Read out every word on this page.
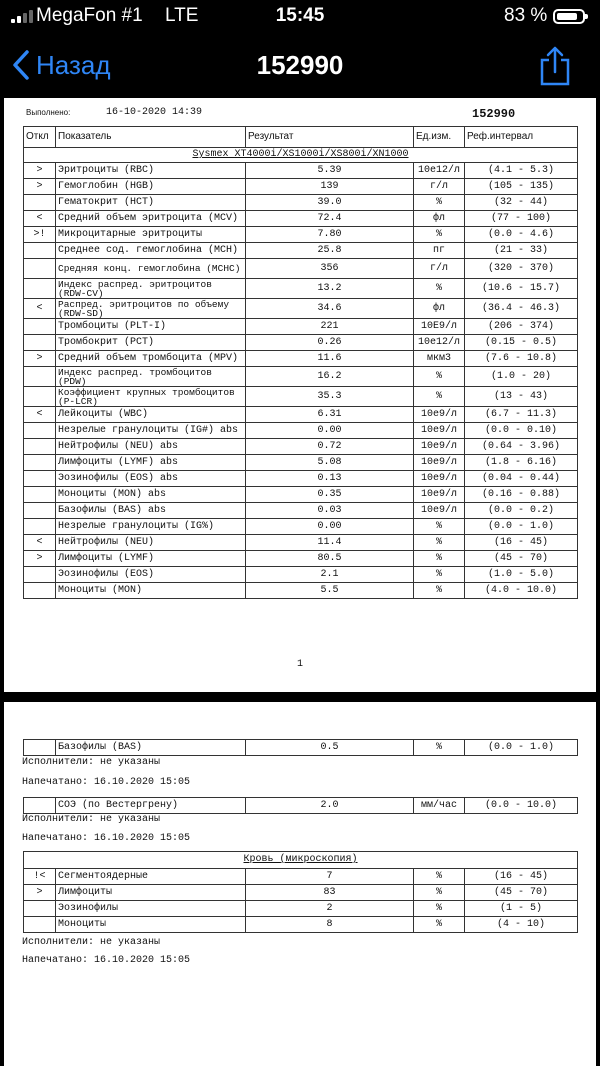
MegaFon #1 LTE	15:45	83 %
Назад	152990
Выполнено:	16-10-2020 14:39	152990
Откл	Показатель	Результат	Ед.изм.	Реф.интервал
Sysmex XT4000i/XS1000i/XS800i/XN1000				
>	Эритроциты (RBC)	5.39	10e12/л	(4.1 - 5.3)
>	Гемоглобин (HGB)	139	г/л	(105 - 135)
	Гематокрит (HCT)	39.0	%	(32 - 44)
<	Средний объем эритроцита (MCV)	72.4	фл	(77 - 100)
>!	Микроцитарные эритроциты	7.80	%	(0.0 - 4.6)
	Среднее сод. гемоглобина (MCH)	25.8	пг	(21 - 33)
	Средняя конц. гемоглобина (MCHC)	356	г/л	(320 - 370)
	Индекс распред. эритроцитов (RDW-CV)	13.2	%	(10.6 - 15.7)
<	Распред. эритроцитов по объему (RDW-SD)	34.6	фл	(36.4 - 46.3)
	Тромбоциты (PLT-I)	221	10E9/л	(206 - 374)
	Тромбокрит (PCT)	0.26	10e12/л	(0.15 - 0.5)
>	Средний объем тромбоцита (MPV)	11.6	мкм3	(7.6 - 10.8)
	Индекс распред. тромбоцитов (PDW)	16.2	%	(1.0 - 20)
	Коэффициент крупных тромбоцитов (P-LCR)	35.3	%	(13 - 43)
<	Лейкоциты (WBC)	6.31	10e9/л	(6.7 - 11.3)
	Незрелые гранулоциты (IG#) abs	0.00	10e9/л	(0.0 - 0.10)
	Нейтрофилы (NEU) abs	0.72	10e9/л	(0.64 - 3.96)
	Лимфоциты (LYMF) abs	5.08	10e9/л	(1.8 - 6.16)
	Эозинофилы (EOS) abs	0.13	10e9/л	(0.04 - 0.44)
	Моноциты (MON) abs	0.35	10e9/л	(0.16 - 0.88)
	Базофилы (BAS) abs	0.03	10e9/л	(0.0 - 0.2)
	Незрелые гранулоциты (IG%)	0.00	%	(0.0 - 1.0)
<	Нейтрофилы (NEU)	11.4	%	(16 - 45)
>	Лимфоциты (LYMF)	80.5	%	(45 - 70)
	Эозинофилы (EOS)	2.1	%	(1.0 - 5.0)
	Моноциты (MON)	5.5	%	(4.0 - 10.0)
1
	Базофилы (BAS)	0.5	%	(0.0 - 1.0)
Исполнители: не указаны
Напечатано: 16.10.2020 15:05
	СОЭ (по Вестергрену)	2.0	мм/час	(0.0 - 10.0)
Исполнители: не указаны
Напечатано: 16.10.2020 15:05
Кровь (микроскопия)				
!<	Сегментоядерные	7	%	(16 - 45)
>	Лимфоциты	83	%	(45 - 70)
	Эозинофилы	2	%	(1 - 5)
	Моноциты	8	%	(4 - 10)
Исполнители: не указаны
Напечатано: 16.10.2020 15:05
